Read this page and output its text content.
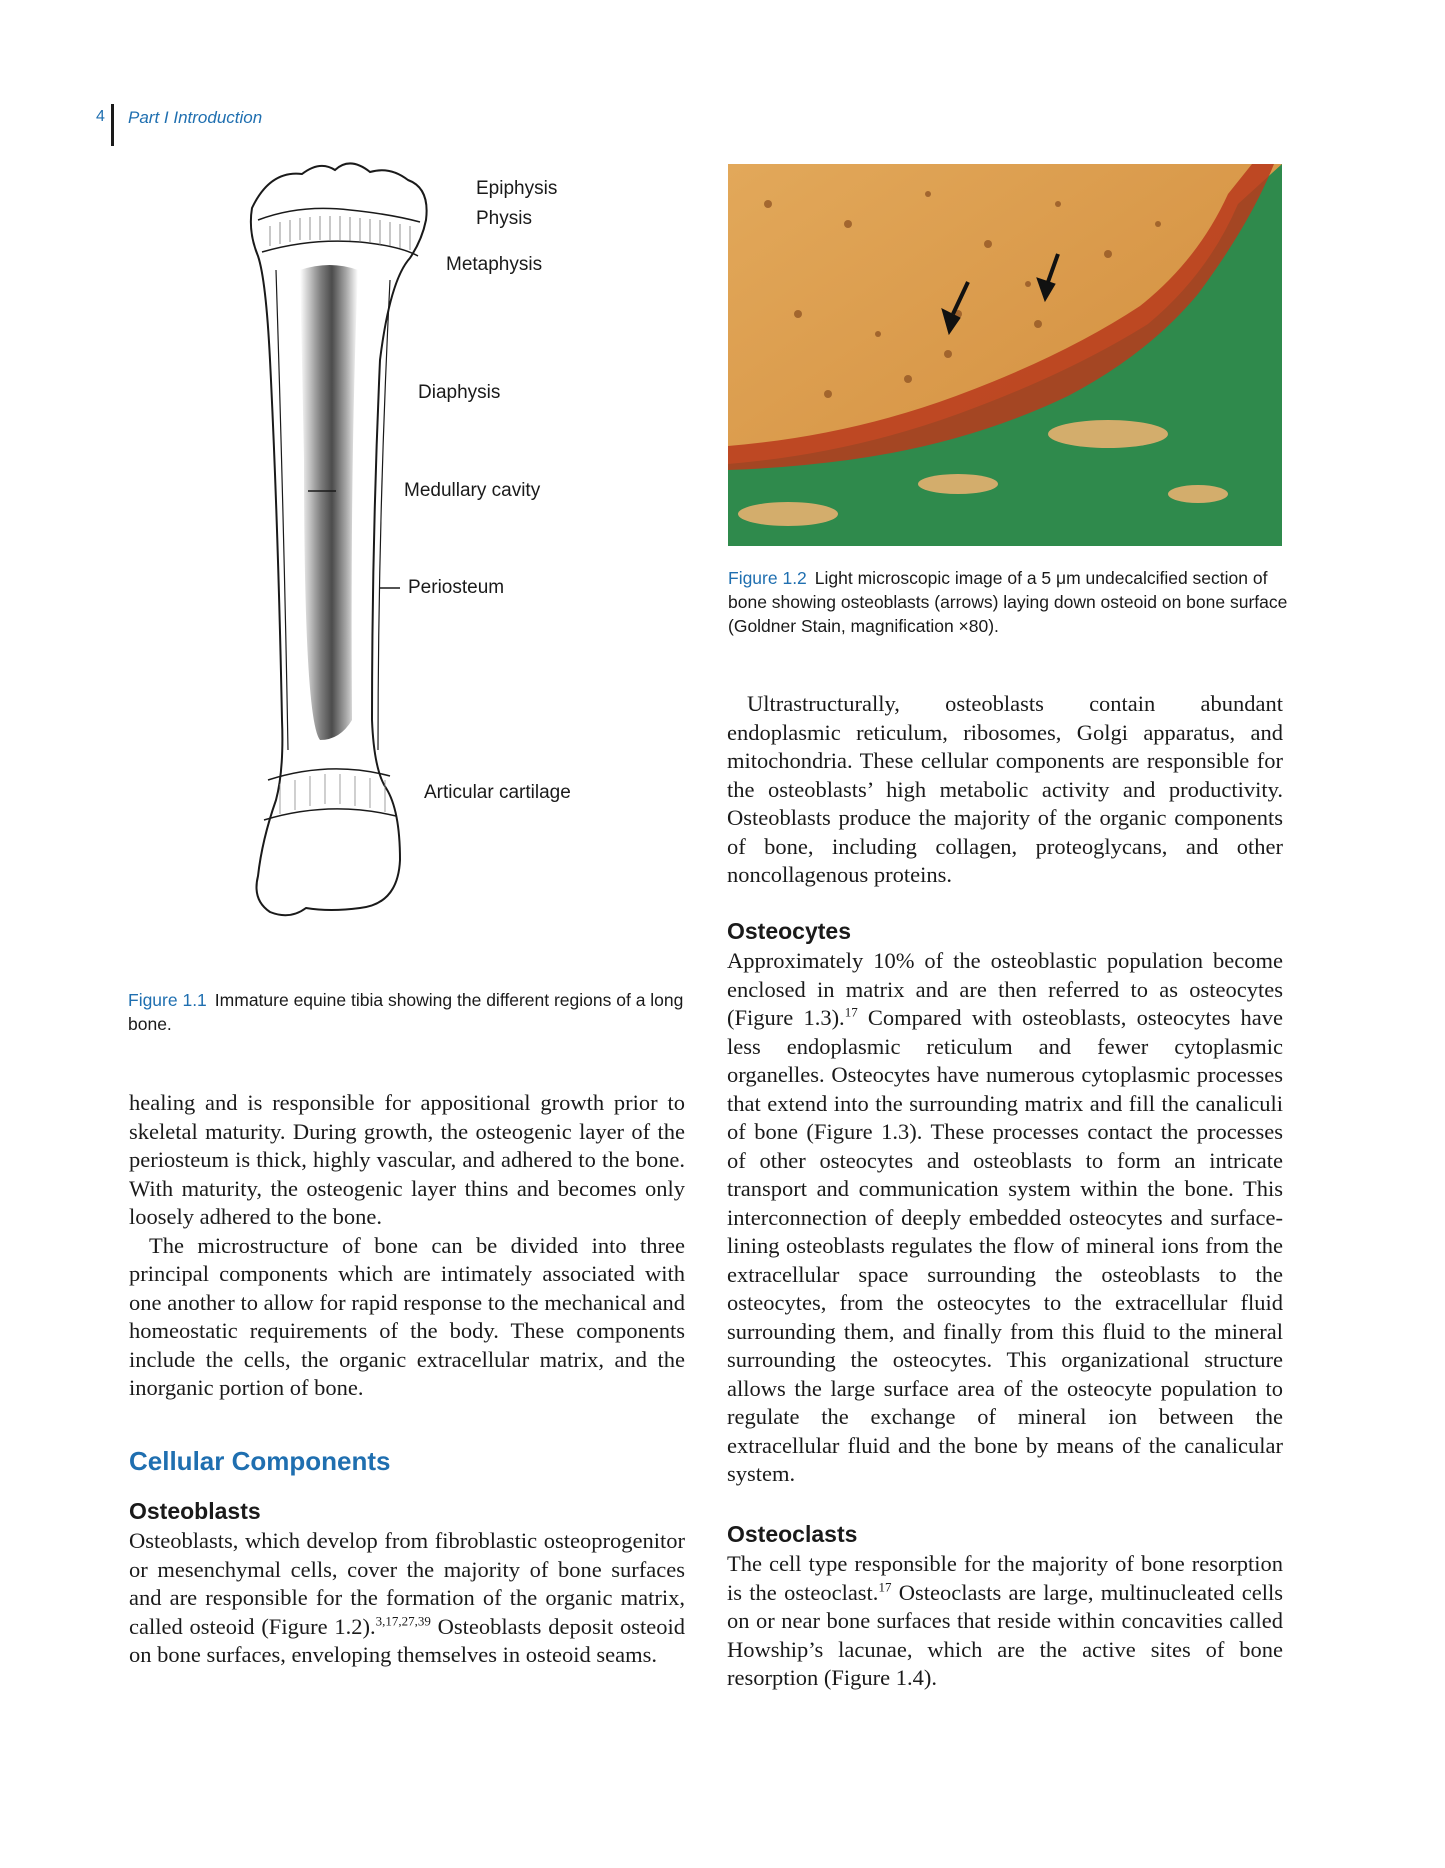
4 Part I Introduction
Epiphysis
Physis
Metaphysis
Diaphysis
Medullary cavity
Periosteum
Articular cartilage
Figure 1.1 Immature equine tibia showing the different regions of a long bone.
Figure 1.2 Light microscopic image of a 5 μm undecalcified section of bone showing osteoblasts (arrows) laying down osteoid on bone surface (Goldner Stain, magnification ×80).

healing and is responsible for appositional growth prior to skeletal maturity. During growth, the osteogenic layer of the periosteum is thick, highly vascular, and adhered to the bone. With maturity, the osteogenic layer thins and becomes only loosely adhered to the bone.

The microstructure of bone can be divided into three principal components which are intimately associated with one another to allow for rapid response to the mechanical and homeostatic requirements of the body. These components include the cells, the organic extracellular matrix, and the inorganic portion of bone.

Cellular Components
Osteoblasts

Osteoblasts, which develop from fibroblastic osteoprogenitor or mesenchymal cells, cover the majority of bone surfaces and are responsible for the formation of the organic matrix, called osteoid (Figure 1.2).$^{3,17,27,39}$ Osteoblasts deposit osteoid on bone surfaces, enveloping themselves in osteoid seams.

Ultrastructurally, osteoblasts contain abundant endoplasmic reticulum, ribosomes, Golgi apparatus, and mitochondria. These cellular components are responsible for the osteoblasts’ high metabolic activity and productivity. Osteoblasts produce the majority of the organic components of bone, including collagen, proteoglycans, and other noncollagenous proteins.

Osteocytes

Approximately 10% of the osteoblastic population become enclosed in matrix and are then referred to as osteocytes (Figure 1.3).$^{17}$ Compared with osteoblasts, osteocytes have less endoplasmic reticulum and fewer cytoplasmic organelles. Osteocytes have numerous cytoplasmic processes that extend into the surrounding matrix and fill the canaliculi of bone (Figure 1.3). These processes contact the processes of other osteocytes and osteoblasts to form an intricate transport and communication system within the bone. This interconnection of deeply embedded osteocytes and surface-lining osteoblasts regulates the flow of mineral ions from the extracellular space surrounding the osteoblasts to the osteocytes, from the osteocytes to the extracellular fluid surrounding them, and finally from this fluid to the mineral surrounding the osteocytes. This organizational structure allows the large surface area of the osteocyte population to regulate the exchange of mineral ion between the extracellular fluid and the bone by means of the canalicular system.

Osteoclasts

The cell type responsible for the majority of bone resorption is the osteoclast.$^{17}$ Osteoclasts are large, multinucleated cells on or near bone surfaces that reside within concavities called Howship’s lacunae, which are the active sites of bone resorption (Figure 1.4).
